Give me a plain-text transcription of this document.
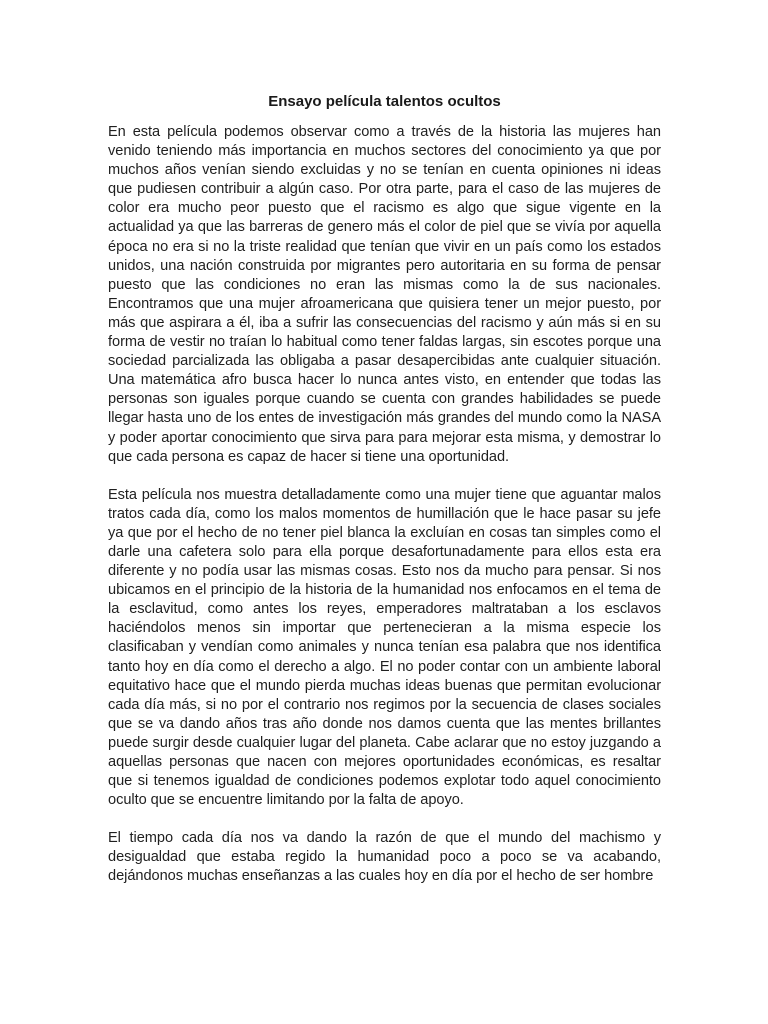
Ensayo película talentos ocultos

En esta película podemos observar como a través de la historia las mujeres han venido teniendo más importancia en muchos sectores del conocimiento ya que por muchos años venían siendo excluidas y no se tenían en cuenta opiniones ni ideas que pudiesen contribuir a algún caso. Por otra parte, para el caso de las mujeres de color era mucho peor puesto que el racismo es algo que sigue vigente en la actualidad ya que las barreras de genero más el color de piel que se vivía por aquella época no era si no la triste realidad que tenían que vivir en un país como los estados unidos, una nación construida por migrantes pero autoritaria en su forma de pensar puesto que las condiciones no eran las mismas como la de sus nacionales. Encontramos que una mujer afroamericana que quisiera tener un mejor puesto, por más que aspirara a él, iba a sufrir las consecuencias del racismo y aún más si en su forma de vestir no traían lo habitual como tener faldas largas, sin escotes porque una sociedad parcializada las obligaba a pasar desapercibidas ante cualquier situación. Una matemática afro busca hacer lo nunca antes visto, en entender que todas las personas son iguales porque cuando se cuenta con grandes habilidades se puede llegar hasta uno de los entes de investigación más grandes del mundo como la NASA y poder aportar conocimiento que sirva para para mejorar esta misma, y demostrar lo que cada persona es capaz de hacer si tiene una oportunidad.

Esta película nos muestra detalladamente como una mujer tiene que aguantar malos tratos cada día, como los malos momentos de humillación que le hace pasar su jefe ya que por el hecho de no tener piel blanca la excluían en cosas tan simples como el darle una cafetera solo para ella porque desafortunadamente para ellos esta era diferente y no podía usar las mismas cosas. Esto nos da mucho para pensar. Si nos ubicamos en el principio de la historia de la humanidad nos enfocamos en el tema de la esclavitud, como antes los reyes, emperadores maltrataban a los esclavos haciéndolos menos sin importar que pertenecieran a la misma especie los clasificaban y vendían como animales y nunca tenían esa palabra que nos identifica tanto hoy en día como el derecho a algo. El no poder contar con un ambiente laboral equitativo hace que el mundo pierda muchas ideas buenas que permitan evolucionar cada día más, si no por el contrario nos regimos por la secuencia de clases sociales que se va dando años tras año donde nos damos cuenta que las mentes brillantes puede surgir desde cualquier lugar del planeta. Cabe aclarar que no estoy juzgando a aquellas personas que nacen con mejores oportunidades económicas, es resaltar que si tenemos igualdad de condiciones podemos explotar todo aquel conocimiento oculto que se encuentre limitando por la falta de apoyo.

El tiempo cada día nos va dando la razón de que el mundo del machismo y desigualdad que estaba regido la humanidad poco a poco se va acabando, dejándonos muchas enseñanzas a las cuales hoy en día por el hecho de ser hombre
